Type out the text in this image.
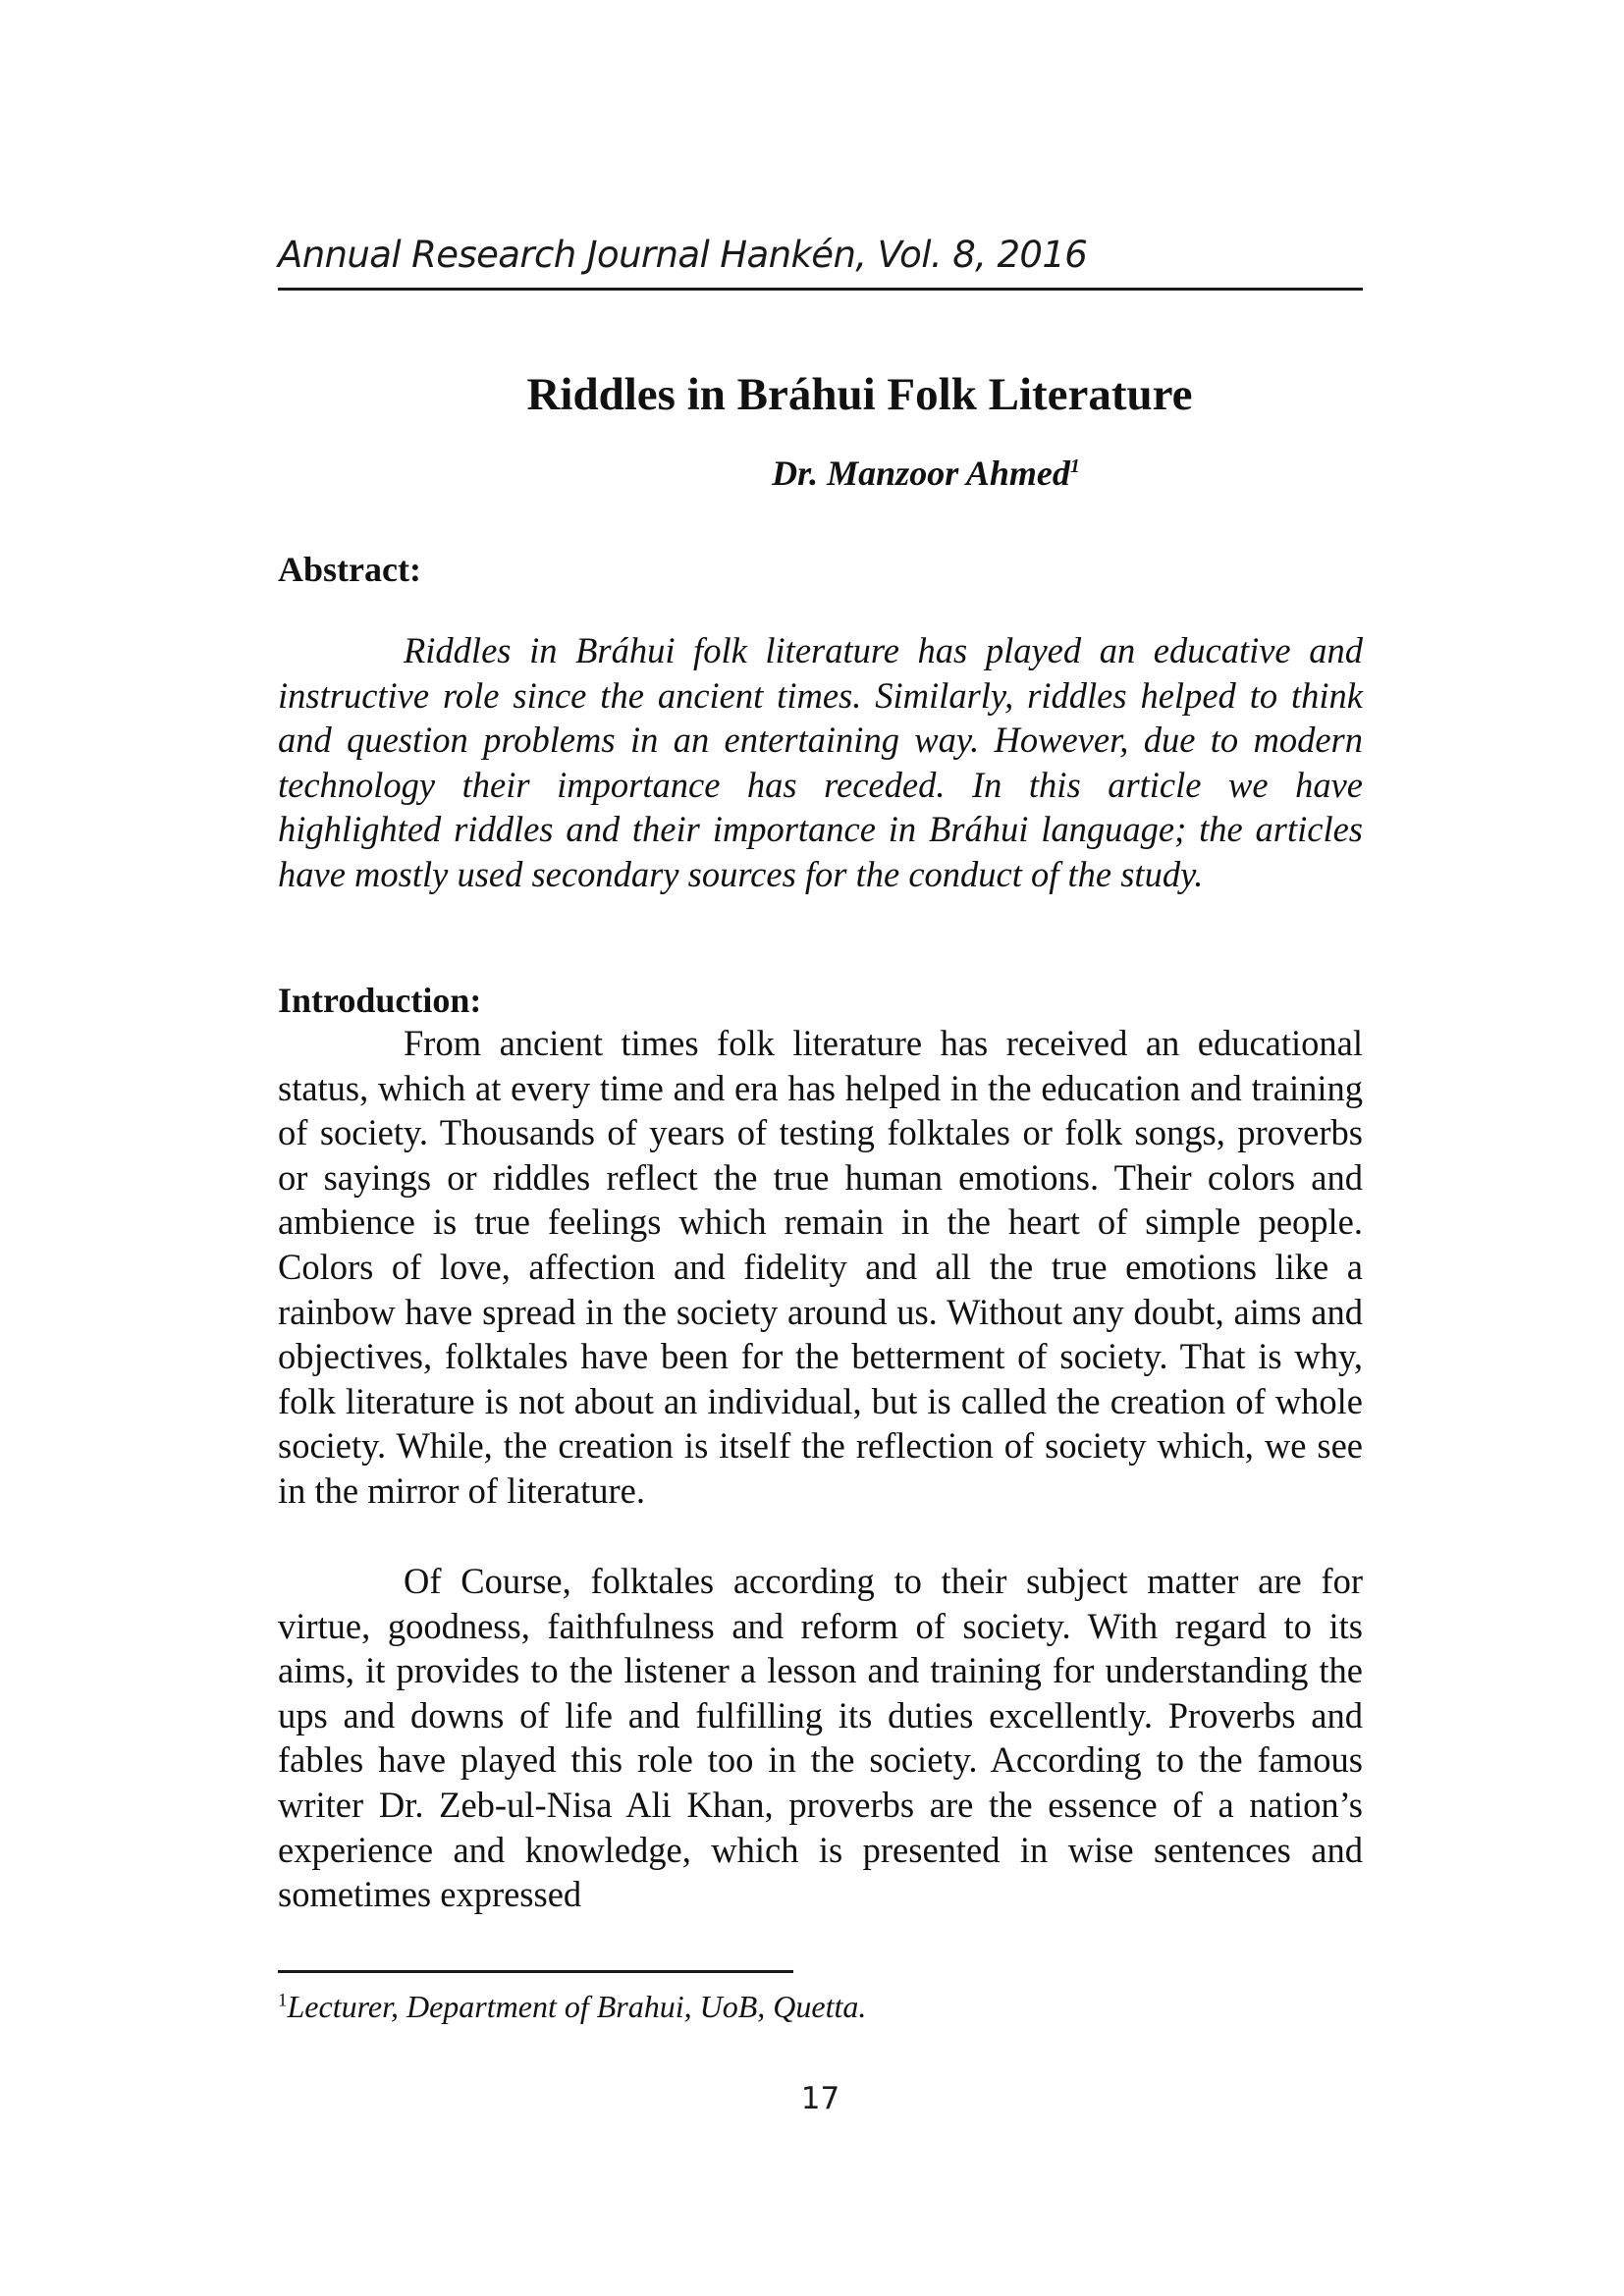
Annual Research Journal Hankén, Vol. 8, 2016
Riddles in Bráhui Folk Literature
Dr. Manzoor Ahmed$^1$
Abstract:

Riddles in Bráhui folk literature has played an educative and instructive role since the ancient times. Similarly, riddles helped to think and question problems in an entertaining way. However, due to modern technology their importance has receded. In this article we have highlighted riddles and their importance in Bráhui language; the articles have mostly used secondary sources for the conduct of the study.

Introduction:

From ancient times folk literature has received an educational status, which at every time and era has helped in the education and training of society. Thousands of years of testing folktales or folk songs, proverbs or sayings or riddles reflect the true human emotions. Their colors and ambience is true feelings which remain in the heart of simple people. Colors of love, affection and fidelity and all the true emotions like a rainbow have spread in the society around us. Without any doubt, aims and objectives, folktales have been for the betterment of society. That is why, folk literature is not about an individual, but is called the creation of whole society. While, the creation is itself the reflection of society which, we see in the mirror of literature.

Of Course, folktales according to their subject matter are for virtue, goodness, faithfulness and reform of society. With regard to its aims, it provides to the listener a lesson and training for understanding the ups and downs of life and fulfilling its duties excellently. Proverbs and fables have played this role too in the society. According to the famous writer Dr. Zeb-ul-Nisa Ali Khan, proverbs are the essence of a nation’s experience and knowledge, which is presented in wise sentences and sometimes expressed

$^1$Lecturer, Department of Brahui, UoB, Quetta.
17
